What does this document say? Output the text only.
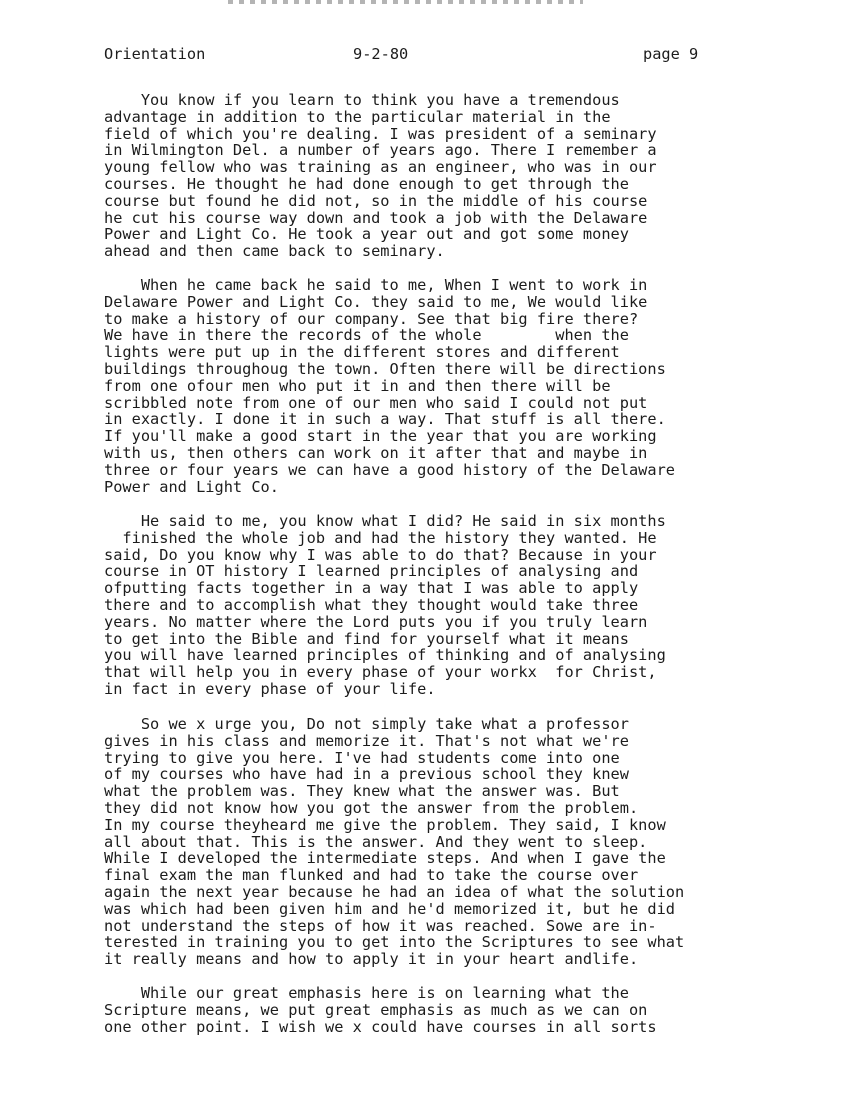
Orientation	9-2-80	page 9
You know if you learn to think you have a tremendous
advantage in addition to the particular material in the
field of which you're dealing. I was president of a seminary
in Wilmington Del. a number of years ago. There I remember a
young fellow who was training as an engineer, who was in our
courses. He thought he had done enough to get through the
course but found he did not, so in the middle of his course
he cut his course way down and took a job with the Delaware
Power and Light Co. He took a year out and got some money
ahead and then came back to seminary.
When he came back he said to me, When I went to work in
Delaware Power and Light Co. they said to me, We would like
to make a history of our company. See that big fire there?
We have in there the records of the whole        when the
lights were put up in the different stores and different
buildings throughoug the town. Often there will be directions
from one ofour men who put it in and then there will be
scribbled note from one of our men who said I could not put
in exactly. I done it in such a way. That stuff is all there.
If you'll make a good start in the year that you are working
with us, then others can work on it after that and maybe in
three or four years we can have a good history of the Delaware
Power and Light Co.
He said to me, you know what I did? He said in six months
finished the whole job and had the history they wanted. He
said, Do you know why I was able to do that? Because in your
course in OT history I learned principles of analysing and
ofputting facts together in a way that I was able to apply
there and to accomplish what they thought would take three
years. No matter where the Lord puts you if you truly learn
to get into the Bible and find for yourself what it means
you will have learned principles of thinking and of analysing
that will help you in every phase of your workx  for Christ,
in fact in every phase of your life.
So we x urge you, Do not simply take what a professor
gives in his class and memorize it. That's not what we're
trying to give you here. I've had students come into one
of my courses who have had in a previous school they knew
what the problem was. They knew what the answer was. But
they did not know how you got the answer from the problem.
In my course theyheard me give the problem. They said, I know
all about that. This is the answer. And they went to sleep.
While I developed the intermediate steps. And when I gave the
final exam the man flunked and had to take the course over
again the next year because he had an idea of what the solution
was which had been given him and he'd memorized it, but he did
not understand the steps of how it was reached. Sowe are in-
terested in training you to get into the Scriptures to see what
it really means and how to apply it in your heart andlife.
While our great emphasis here is on learning what the
Scripture means, we put great emphasis as much as we can on
one other point. I wish we x could have courses in all sorts
